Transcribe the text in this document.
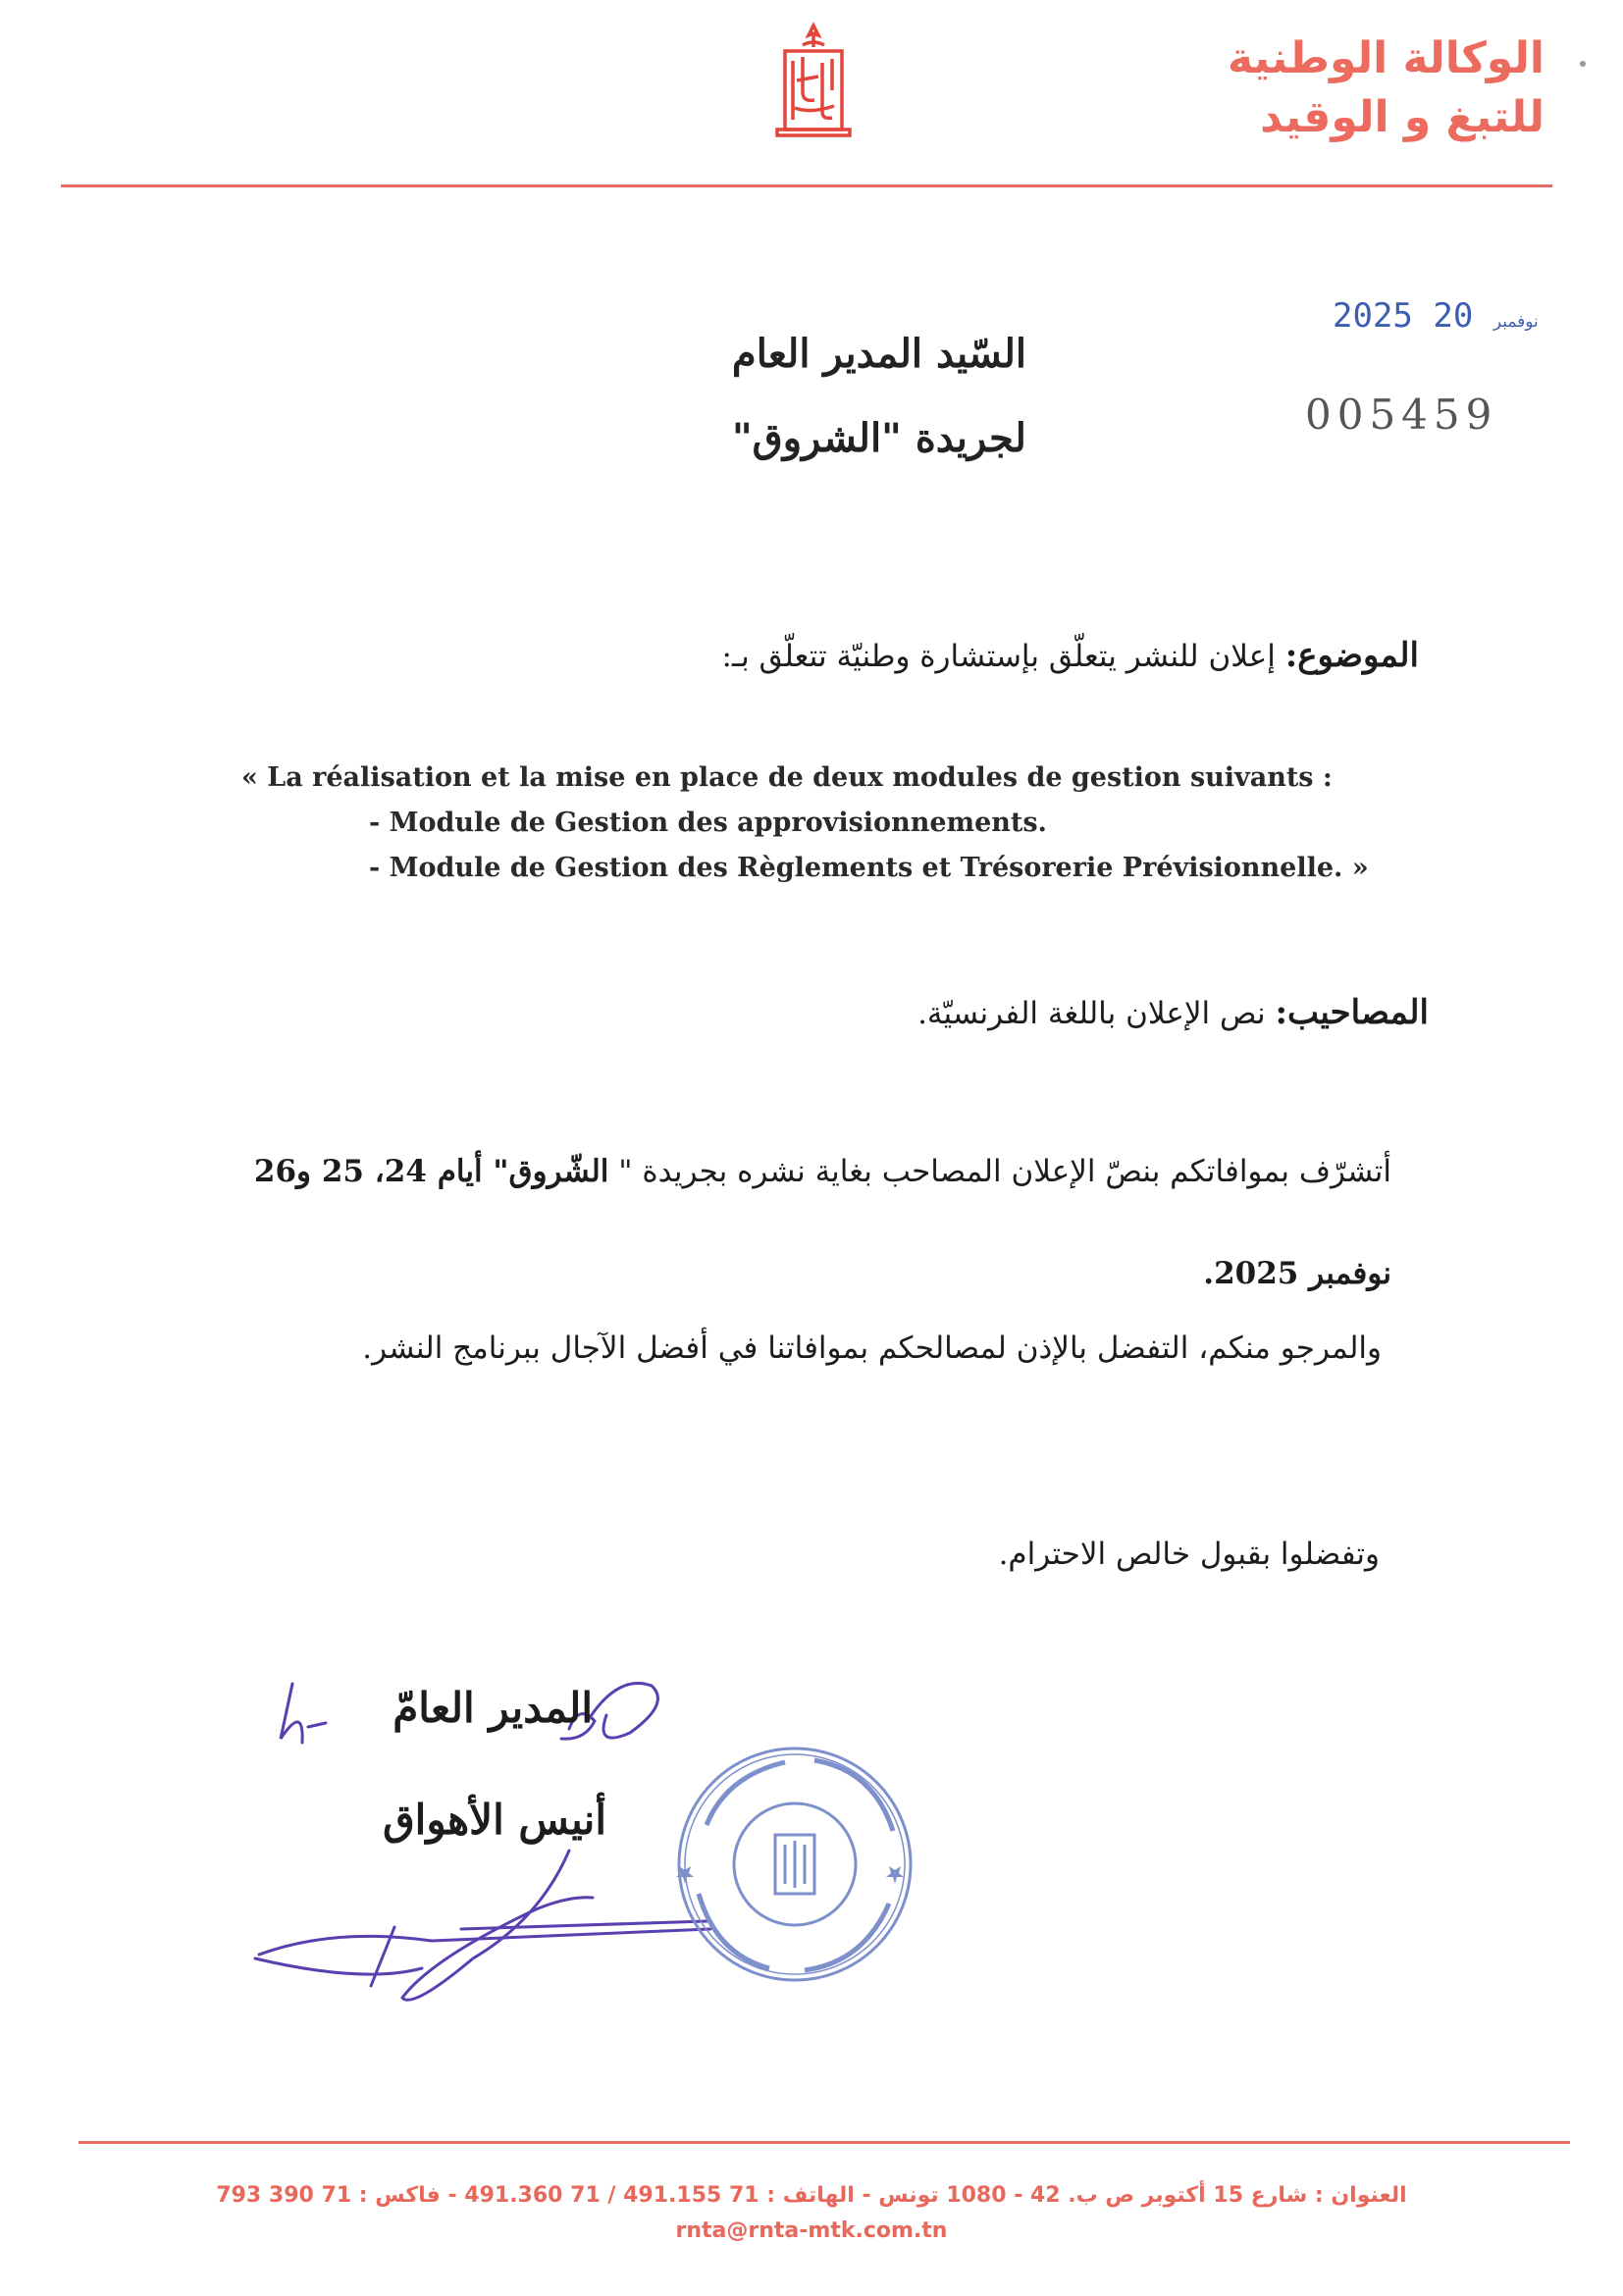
الوكالة الوطنية
للتبغ و الوقيد
2025	نوفمبر 20
005459
السّيد المدير العام
لجريدة "الشروق"
الموضوع: إعلان للنشر يتعلّق بإستشارة وطنيّة تتعلّق بـ:
« La réalisation et la mise en place de deux modules de gestion suivants :
- Module de Gestion des approvisionnements.
- Module de Gestion des Règlements et Trésorerie Prévisionnelle. »
المصاحيب: نص الإعلان باللغة الفرنسيّة.
أتشرّف بموافاتكم بنصّ الإعلان المصاحب بغاية نشره بجريدة " الشّروق" أيام 24، 25 و26 نوفمبر 2025.
والمرجو منكم، التفضل بالإذن لمصالحكم بموافاتنا في أفضل الآجال ببرنامج النشر.
وتفضلوا بقبول خالص الاحترام.
المدير العامّ
أنيس الأهواق
العنوان : شارع 15 أكتوبر ص ب. 42 - 1080 تونس - الهاتف : 71 491.155 / 71 491.360 - فاكس : 71 390 793
rnta@rnta-mtk.com.tn
